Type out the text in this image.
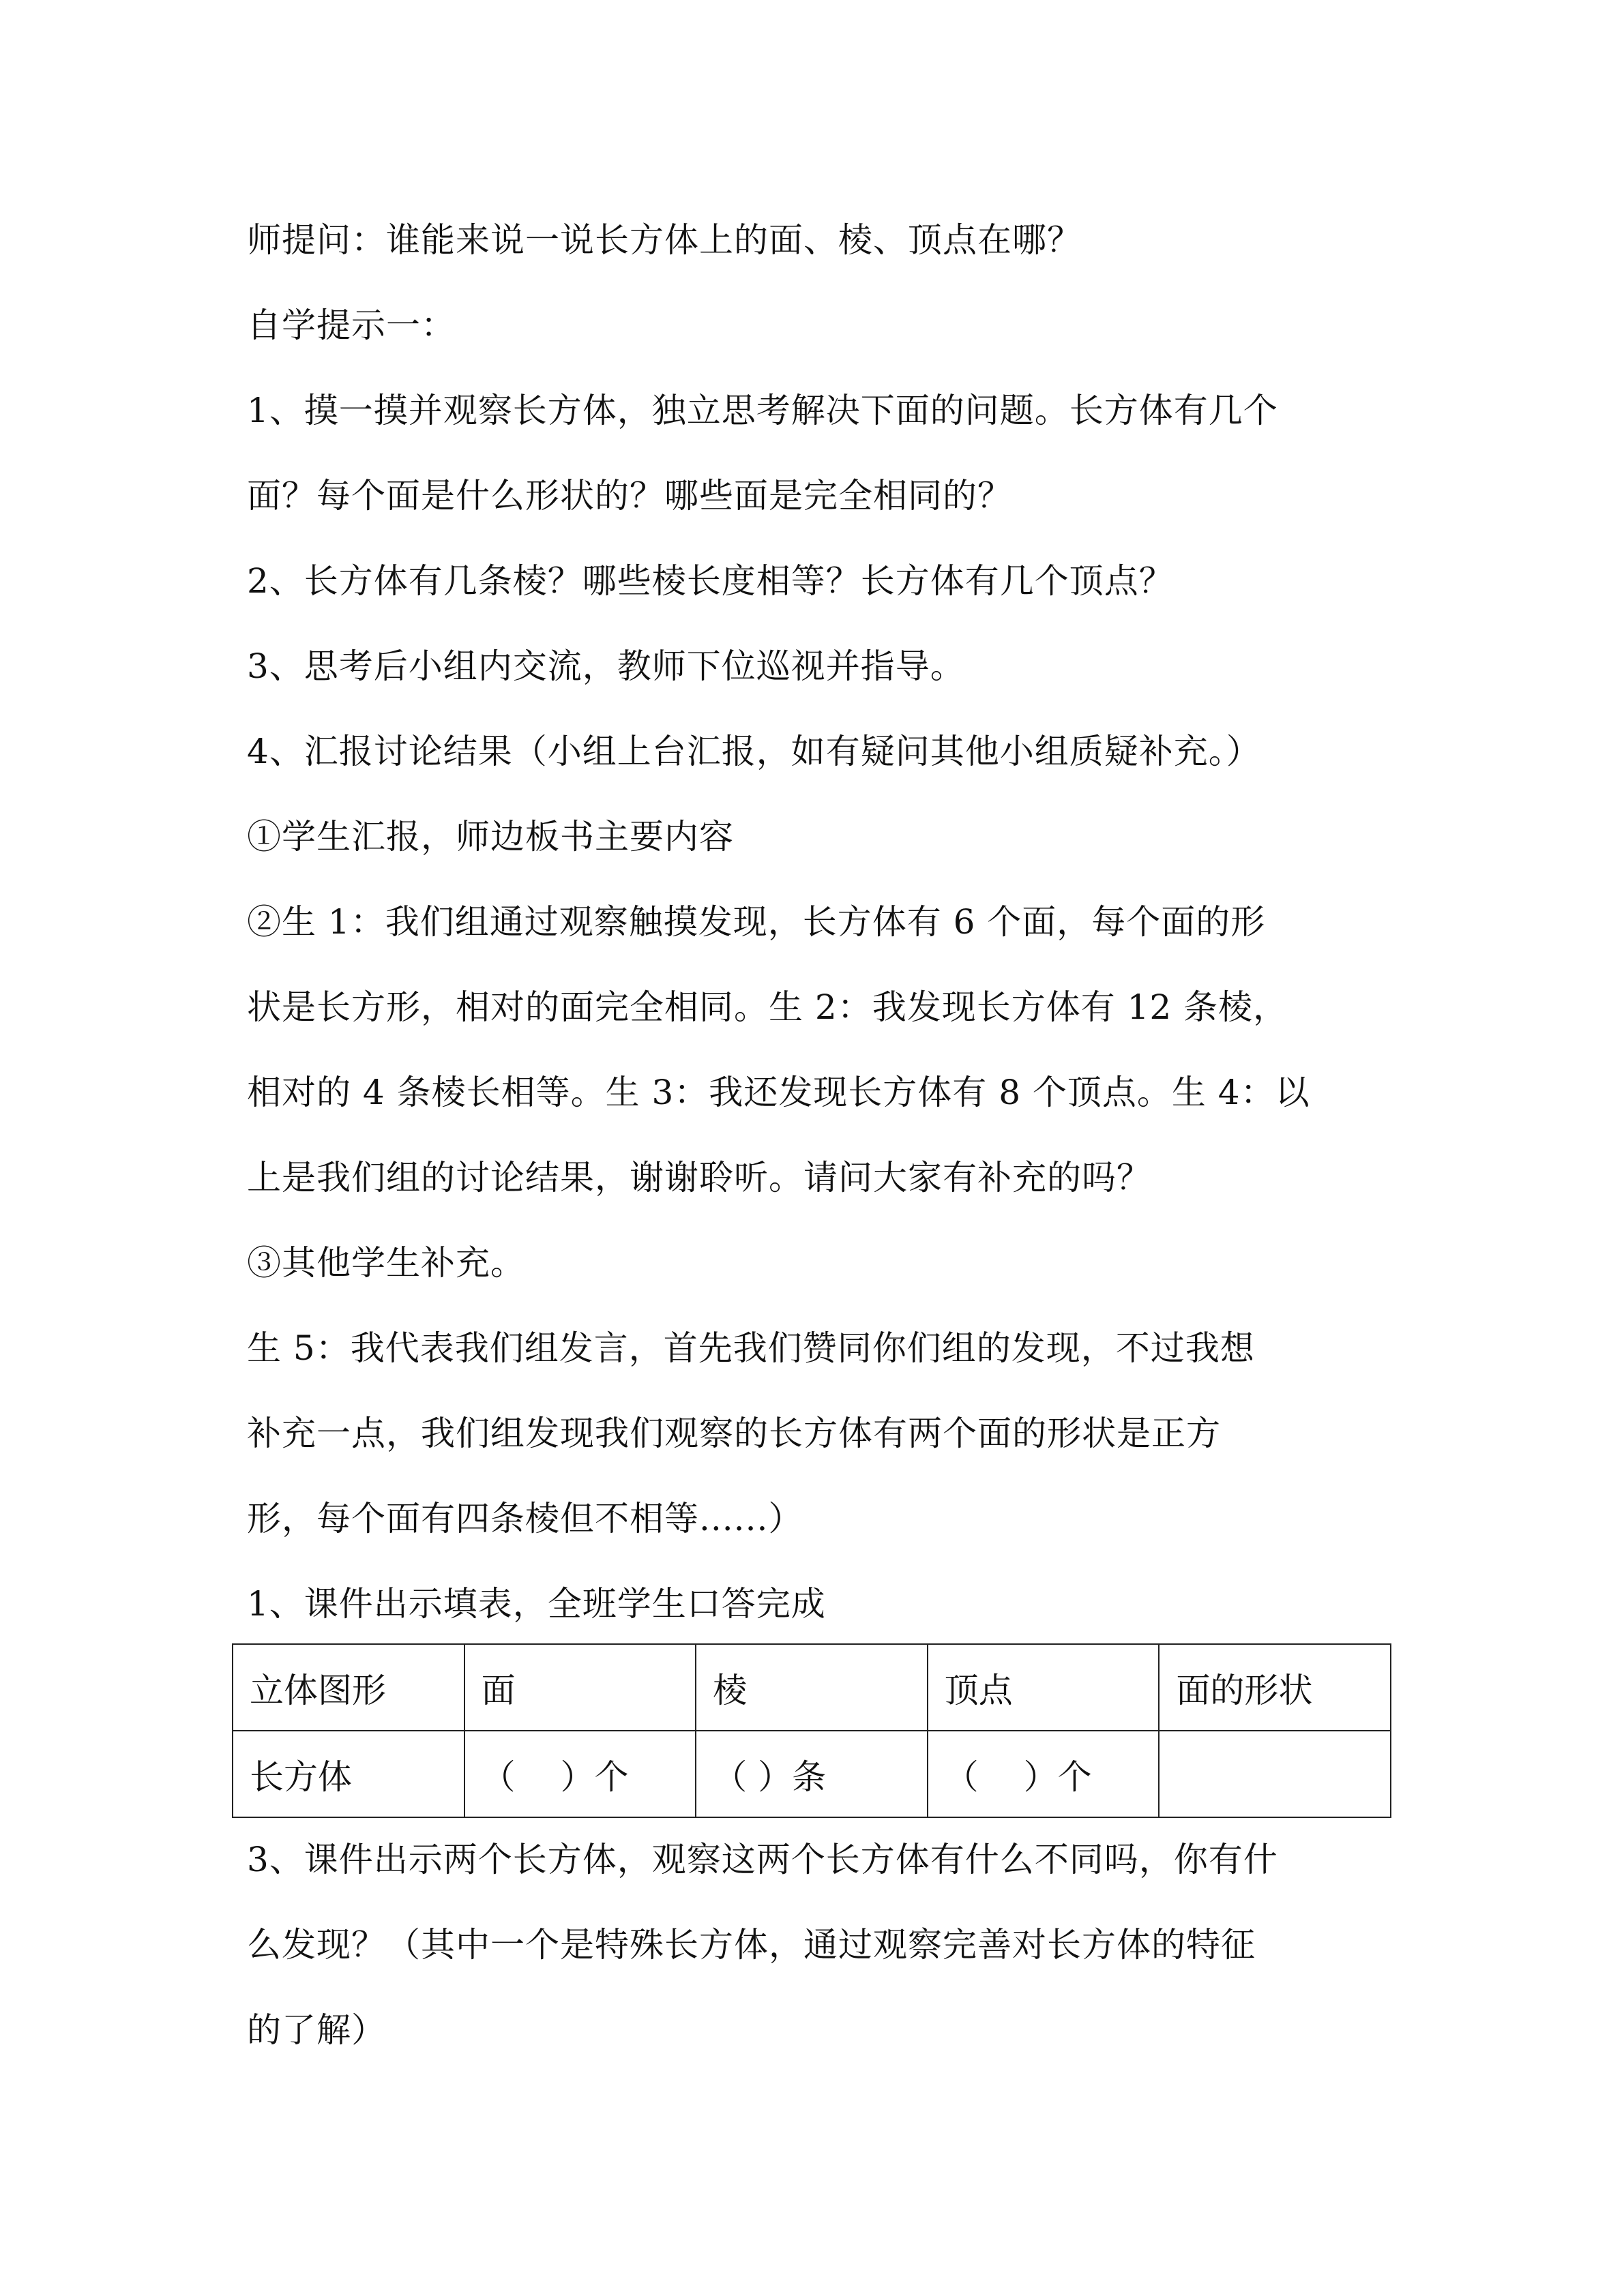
师提问：谁能来说一说长方体上的面、棱、顶点在哪？
自学提示一：
1、摸一摸并观察长方体，独立思考解决下面的问题。长方体有几个
面？每个面是什么形状的？哪些面是完全相同的？
2、长方体有几条棱？哪些棱长度相等？长方体有几个顶点？
3、思考后小组内交流，教师下位巡视并指导。
4、汇报讨论结果（小组上台汇报，如有疑问其他小组质疑补充。）
①学生汇报，师边板书主要内容
②生 1：我们组通过观察触摸发现，长方体有 6 个面，每个面的形
状是长方形，相对的面完全相同。生 2：我发现长方体有 12 条棱，
相对的 4 条棱长相等。生 3：我还发现长方体有 8 个顶点。生 4：以
上是我们组的讨论结果，谢谢聆听。请问大家有补充的吗？
③其他学生补充。
生 5：我代表我们组发言，首先我们赞同你们组的发现，不过我想
补充一点，我们组发现我们观察的长方体有两个面的形状是正方
形，每个面有四条棱但不相等......）
1、课件出示填表，全班学生口答完成
立体图形	面	棱	顶点	面的形状
长方体	（　 ）个	（ ）条	（　 ）个	
3、课件出示两个长方体，观察这两个长方体有什么不同吗，你有什
么发现？（其中一个是特殊长方体，通过观察完善对长方体的特征
的了解）
